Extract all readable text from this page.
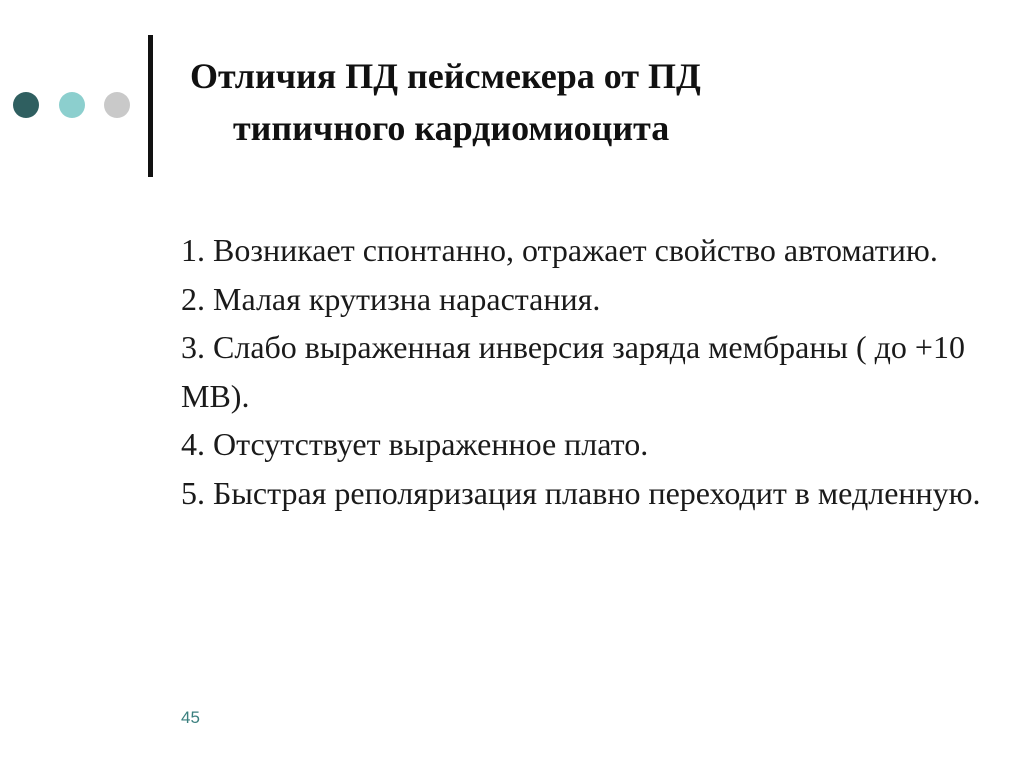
Отличия ПД пейсмекера от ПД
типичного кардиомиоцита
1. Возникает спонтанно, отражает свойство автоматию.
2. Малая крутизна нарастания.
3. Слабо выраженная инверсия заряда мембраны ( до +10 МВ).
4. Отсутствует выраженное плато.
5. Быстрая реполяризация плавно переходит в медленную.
45
